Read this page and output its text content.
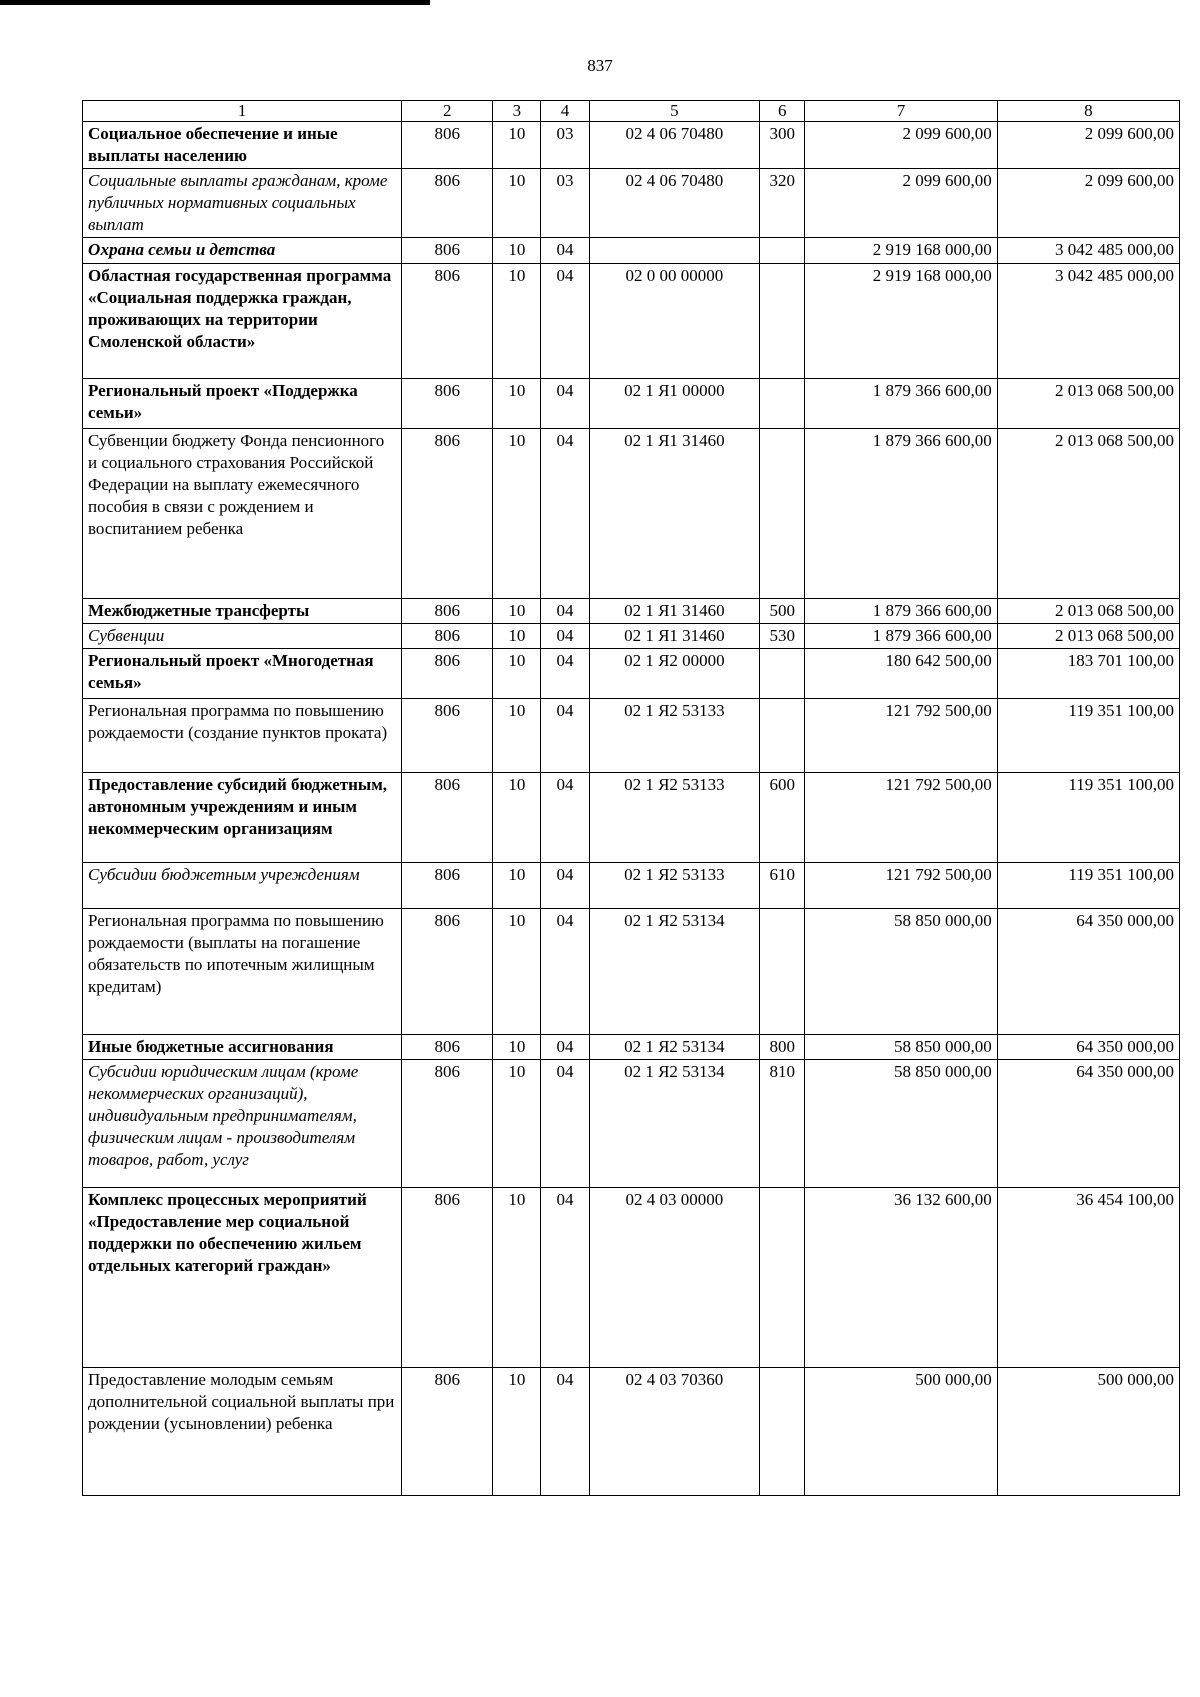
837
1	2	3	4	5	6	7	8
Социальное обеспечение и иные выплаты населению	806	10	03	02 4 06 70480	300	2 099 600,00	2 099 600,00
Социальные выплаты гражданам, кроме публичных нормативных социальных выплат	806	10	03	02 4 06 70480	320	2 099 600,00	2 099 600,00
Охрана семьи и детства	806	10	04			2 919 168 000,00	3 042 485 000,00
Областная государственная программа «Социальная поддержка граждан, проживающих на территории Смоленской области»	806	10	04	02 0 00 00000		2 919 168 000,00	3 042 485 000,00
Региональный проект «Поддержка семьи»	806	10	04	02 1 Я1 00000		1 879 366 600,00	2 013 068 500,00
Субвенции бюджету Фонда пенсионного и социального страхования Российской Федерации на выплату ежемесячного пособия в связи с рождением и воспитанием ребенка	806	10	04	02 1 Я1 31460		1 879 366 600,00	2 013 068 500,00
Межбюджетные трансферты	806	10	04	02 1 Я1 31460	500	1 879 366 600,00	2 013 068 500,00
Субвенции	806	10	04	02 1 Я1 31460	530	1 879 366 600,00	2 013 068 500,00
Региональный проект «Многодетная семья»	806	10	04	02 1 Я2 00000		180 642 500,00	183 701 100,00
Региональная программа по повышению рождаемости (создание пунктов проката)	806	10	04	02 1 Я2 53133		121 792 500,00	119 351 100,00
Предоставление субсидий бюджетным, автономным учреждениям и иным некоммерческим организациям	806	10	04	02 1 Я2 53133	600	121 792 500,00	119 351 100,00
Субсидии бюджетным учреждениям	806	10	04	02 1 Я2 53133	610	121 792 500,00	119 351 100,00
Региональная программа по повышению рождаемости (выплаты на погашение обязательств по ипотечным жилищным кредитам)	806	10	04	02 1 Я2 53134		58 850 000,00	64 350 000,00
Иные бюджетные ассигнования	806	10	04	02 1 Я2 53134	800	58 850 000,00	64 350 000,00
Субсидии юридическим лицам (кроме некоммерческих организаций), индивидуальным предпринимателям, физическим лицам - производителям товаров, работ, услуг	806	10	04	02 1 Я2 53134	810	58 850 000,00	64 350 000,00
Комплекс процессных мероприятий «Предоставление мер социальной поддержки по обеспечению жильем отдельных категорий граждан»	806	10	04	02 4 03 00000		36 132 600,00	36 454 100,00
Предоставление молодым семьям дополнительной социальной выплаты при рождении (усыновлении) ребенка	806	10	04	02 4 03 70360		500 000,00	500 000,00
